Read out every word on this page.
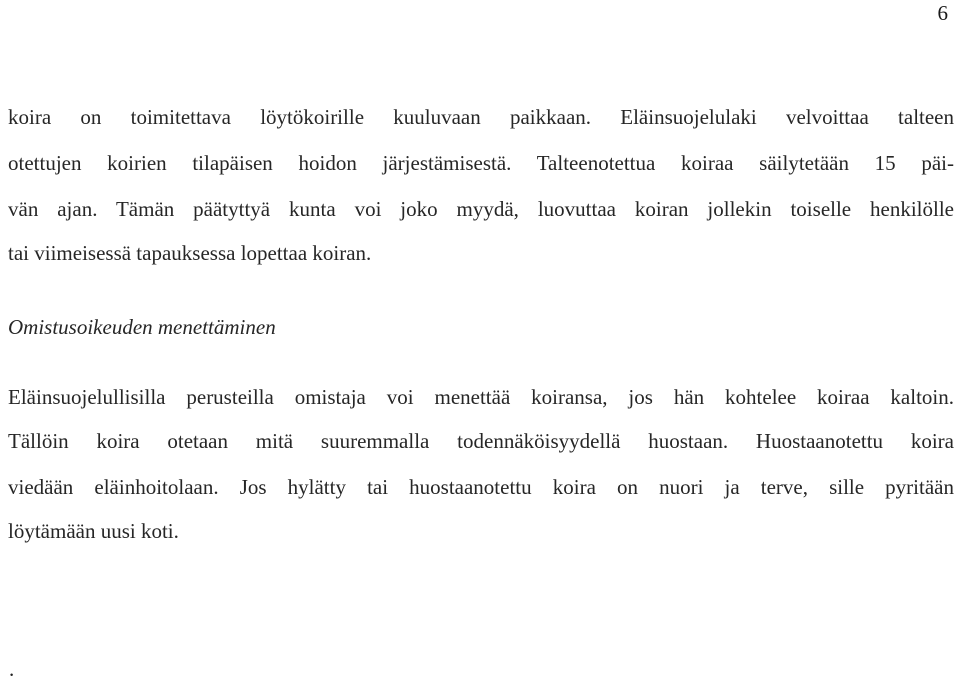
6
koira on toimitettava löytökoirille kuuluvaan paikkaan. Eläinsuojelulaki velvoittaa talteen
otettujen koirien tilapäisen hoidon järjestämisestä. Talteenotettua koiraa säilytetään 15 päi-
vän ajan. Tämän päätyttyä kunta voi joko myydä, luovuttaa koiran jollekin toiselle henkilölle
tai viimeisessä tapauksessa lopettaa koiran.
Omistusoikeuden menettäminen
Eläinsuojelullisilla perusteilla omistaja voi menettää koiransa, jos hän kohtelee koiraa kaltoin.
Tällöin koira otetaan mitä suuremmalla todennäköisyydellä huostaan. Huostaanotettu koira
viedään eläinhoitolaan. Jos hylätty tai huostaanotettu koira on nuori ja terve, sille pyritään
löytämään uusi koti.
.
